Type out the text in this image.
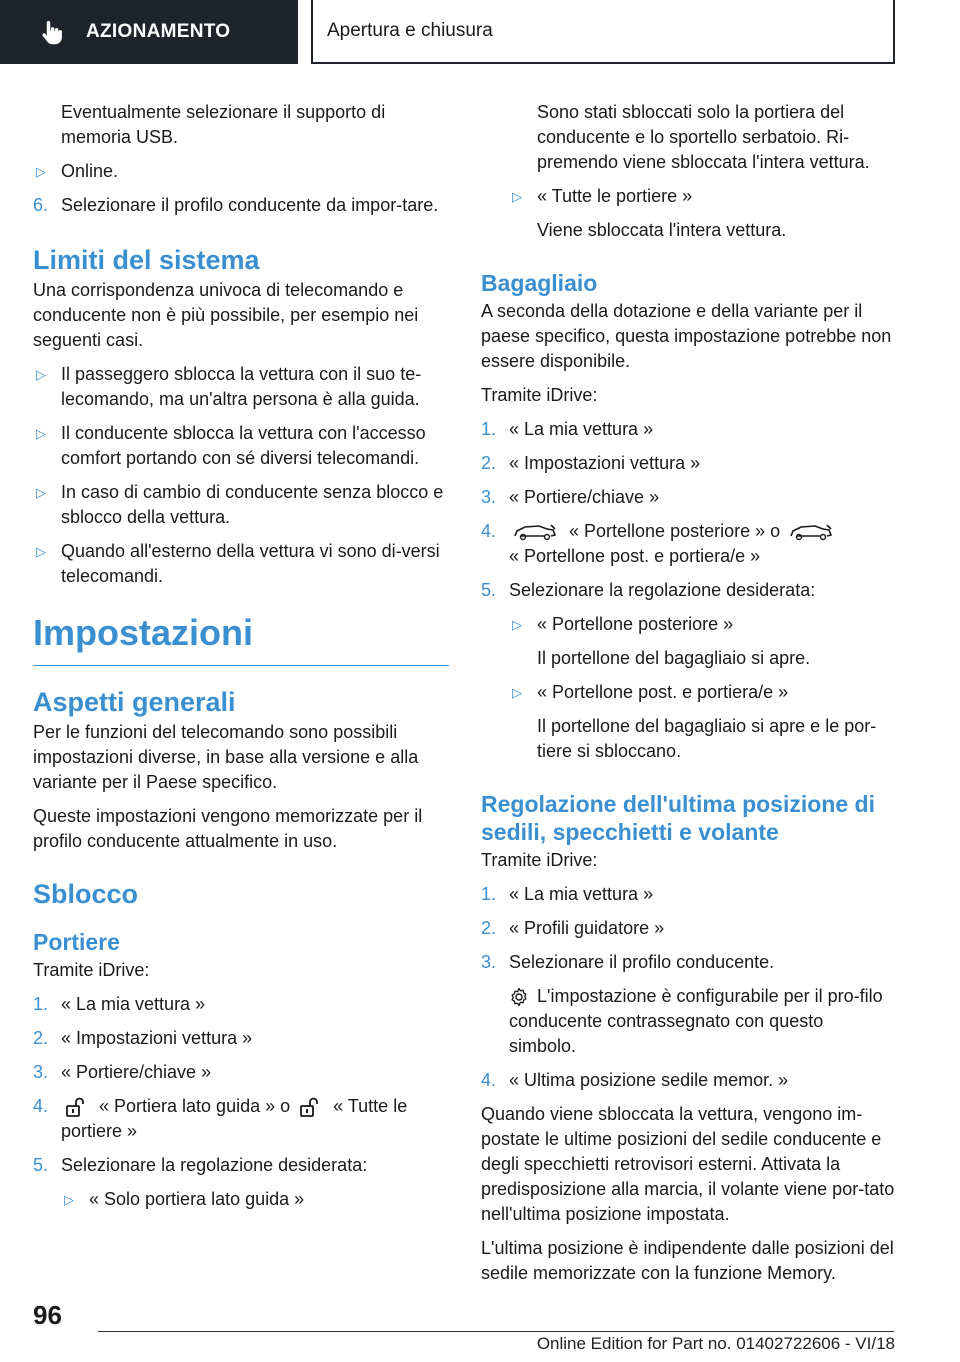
AZIONAMENTO	Apertura e chiusura
Eventualmente selezionare il supporto di memoria USB.
▷ Online.
6. Selezionare il profilo conducente da impor-tare.
Limiti del sistema

Una corrispondenza univoca di telecomando e conducente non è più possibile, per esempio nei seguenti casi.

▷ Il passeggero sblocca la vettura con il suo te-lecomando, ma un'altra persona è alla guida.
▷ Il conducente sblocca la vettura con l'accesso comfort portando con sé diversi telecomandi.
▷ In caso di cambio di conducente senza blocco e sblocco della vettura.
▷ Quando all'esterno della vettura vi sono di-versi telecomandi.
Impostazioni
Aspetti generali

Per le funzioni del telecomando sono possibili impostazioni diverse, in base alla versione e alla variante per il Paese specifico.

Queste impostazioni vengono memorizzate per il profilo conducente attualmente in uso.

Sblocco
Portiere

Tramite iDrive:

1. « La mia vettura »
2. « Impostazioni vettura »
3. « Portiere/chiave »
4.	« Portiera lato guida » o « Tutte le portiere »
5. Selezionare la regolazione desiderata:
▷ « Solo portiera lato guida »
Sono stati sbloccati solo la portiera del conducente e lo sportello serbatoio. Ri-premendo viene sbloccata l'intera vettura.
▷ « Tutte le portiere »
Viene sbloccata l'intera vettura.
Bagagliaio

A seconda della dotazione e della variante per il paese specifico, questa impostazione potrebbe non essere disponibile.

Tramite iDrive:

1. « La mia vettura »
2. « Impostazioni vettura »
3. « Portiere/chiave »
4.	« Portellone posteriore » o
« Portellone post. e portiera/e »
5. Selezionare la regolazione desiderata:
▷ « Portellone posteriore »
Il portellone del bagagliaio si apre.
▷ « Portellone post. e portiera/e »
Il portellone del bagagliaio si apre e le por-tiere si sbloccano.
Regolazione dell'ultima posizione di sedili, specchietti e volante

Tramite iDrive:

1. « La mia vettura »
2. « Profili guidatore »
3. Selezionare il profilo conducente.
L'impostazione è configurabile per il pro-filo conducente contrassegnato con questo simbolo.
4. « Ultima posizione sedile memor. »

Quando viene sbloccata la vettura, vengono im-postate le ultime posizioni del sedile conducente e degli specchietti retrovisori esterni. Attivata la predisposizione alla marcia, il volante viene por-tato nell'ultima posizione impostata.

L'ultima posizione è indipendente dalle posizioni del sedile memorizzate con la funzione Memory.

96
Online Edition for Part no. 01402722606 - VI/18
